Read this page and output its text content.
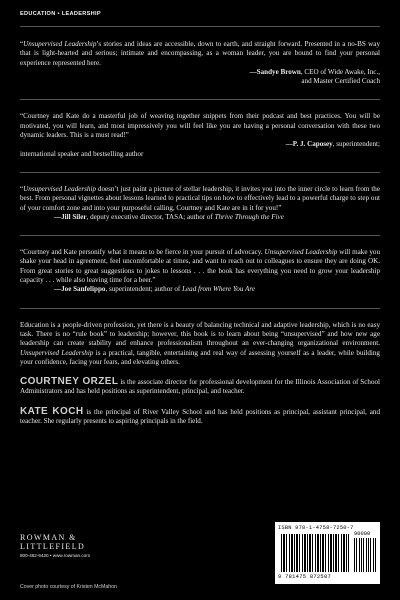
EDUCATION • LEADERSHIP

“Unsupervised Leadership’s stories and ideas are accessible, down to earth, and straight forward. Presented in a no-BS way that is light-hearted and serious; intimate and encompassing, as a woman leader, you are bound to find your personal experience represented here.
—Sandye Brown, CEO of Wide Awake, Inc.,
and Master Certified Coach

“Courtney and Kate do a masterful job of weaving together snippets from their podcast and best practices. You will be motivated, you will learn, and most impressively you will feel like you are having a personal conversation with these two dynamic leaders. This is a must read!”
—P. J. Caposey, superintendent;
international speaker and bestselling author

“Unsupervised Leadership doesn’t just paint a picture of stellar leadership, it invites you into the inner circle to learn from the best. From personal vignettes about lessons learned to practical tips on how to effectively lead to a powerful charge to step out of your comfort zone and into your purposeful calling, Courtney and Kate are in it for you!”
—Jill Siler, deputy executive director, TASA; author of Thrive Through the Five

“Courtney and Kate personify what it means to be fierce in your pursuit of advocacy. Unsupervised Leadership will make you shake your head in agreement, feel uncomfortable at times, and want to reach out to colleagues to ensure they are doing OK. From great stories to great suggestions to jokes to lessons . . . the book has everything you need to grow your leadership capacity . . . while also leaving time for a beer.”
—Joe Sanfelippo, superintendent; author of Lead from Where You Are

Education is a people-driven profession, yet there is a beauty of balancing technical and adaptive leadership, which is no easy task. There is no “rule book” to leadership; however, this book is to learn about being “unsupervised” and how new age leadership can create stability and enhance professionalism throughout an ever-changing organizational environment. Unsupervised Leadership is a practical, tangible, entertaining and real way of assessing yourself as a leader, while building your confidence, facing your fears, and elevating others.

COURTNEY ORZEL is the associate director for professional development for the Illinois Association of School Administrators and has held positions as superintendent, principal, and teacher.

KATE KOCH is the principal of River Valley School and has held positions as principal, assistant principal, and teacher. She regularly presents to aspiring principals in the field.

ROWMAN &
LITTLEFIELD
800-462-6420 • www.rowman.com
Cover photo courtesy of Kristen McMahon
ISBN 978-1-4758-7250-7
90000
9 781475 872507
